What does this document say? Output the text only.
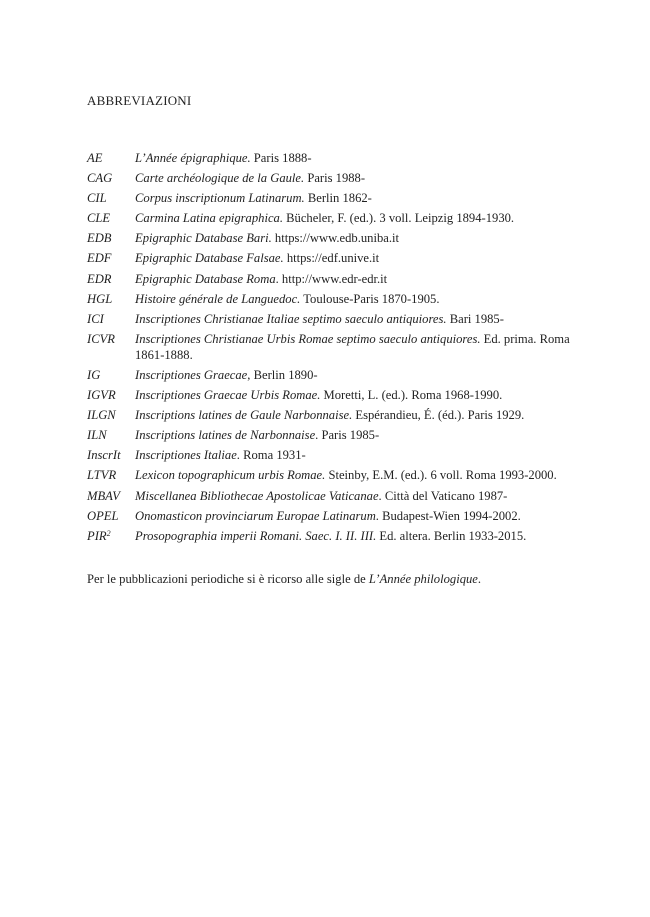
ABBREVIAZIONI
AE	L’Année épigraphique. Paris 1888-
CAG	Carte archéologique de la Gaule. Paris 1988-
CIL	Corpus inscriptionum Latinarum. Berlin 1862-
CLE	Carmina Latina epigraphica. Bücheler, F. (ed.). 3 voll. Leipzig 1894-1930.
EDB	Epigraphic Database Bari. https://www.edb.uniba.it
EDF	Epigraphic Database Falsae. https://edf.unive.it
EDR	Epigraphic Database Roma. http://www.edr-edr.it
HGL	Histoire générale de Languedoc. Toulouse-Paris 1870-1905.
ICI	Inscriptiones Christianae Italiae septimo saeculo antiquiores. Bari 1985-
ICVR	Inscriptiones Christianae Urbis Romae septimo saeculo antiquiores. Ed. prima. Roma 1861-1888.
IG	Inscriptiones Graecae, Berlin 1890-
IGVR	Inscriptiones Graecae Urbis Romae. Moretti, L. (ed.). Roma 1968-1990.
ILGN	Inscriptions latines de Gaule Narbonnaise. Espérandieu, É. (éd.). Paris 1929.
ILN	Inscriptions latines de Narbonnaise. Paris 1985-
InscrIt	Inscriptiones Italiae. Roma 1931-
LTVR	Lexicon topographicum urbis Romae. Steinby, E.M. (ed.). 6 voll. Roma 1993-2000.
MBAV	Miscellanea Bibliothecae Apostolicae Vaticanae. Città del Vaticano 1987-
OPEL	Onomasticon provinciarum Europae Latinarum. Budapest-Wien 1994-2002.
PIR$^2$	Prosopographia imperii Romani. Saec. I. II. III. Ed. altera. Berlin 1933-2015.
Per le pubblicazioni periodiche si è ricorso alle sigle de L’Année philologique.
